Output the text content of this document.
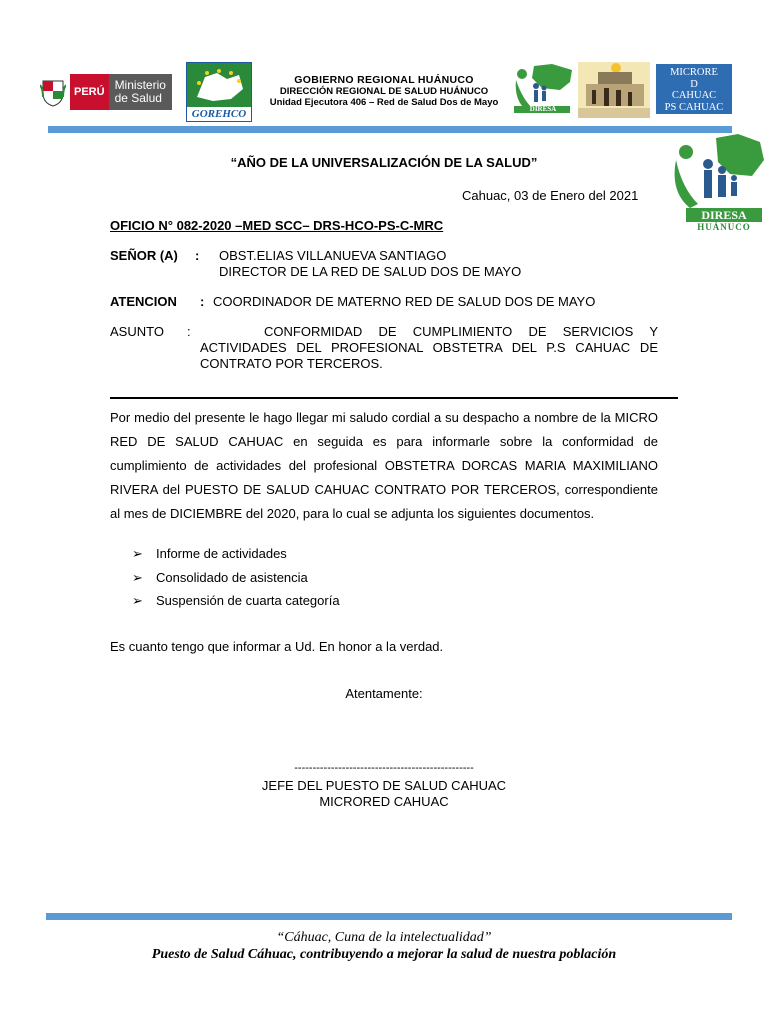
PERÚ Ministerio
de Salud
GOREHCO
GOBIERNO REGIONAL HUÁNUCO
DIRECCIÓN REGIONAL DE SALUD HUÁNUCO
Unidad Ejecutora 406 – Red de Salud Dos de Mayo
DIRESA
MICRORE
D
CAHUAC
PS CAHUAC
DIRESA
HUÁNUCO
“AÑO DE LA UNIVERSALIZACIÓN DE LA SALUD”
Cahuac, 03 de Enero del 2021
OFICIO N° 082-2020 –MED SCC– DRS-HCO-PS-C-MRC
SEÑOR (A) : OBST.ELIAS VILLANUEVA SANTIAGO
DIRECTOR DE LA RED DE SALUD DOS DE MAYO
ATENCION : COORDINADOR DE MATERNO RED DE SALUD DOS DE MAYO
ASUNTO :	CONFORMIDAD DE CUMPLIMIENTO DE SERVICIOS Y ACTIVIDADES DEL PROFESIONAL OBSTETRA DEL P.S CAHUAC DE CONTRATO POR TERCEROS.
Por medio del presente le hago llegar mi saludo cordial a su despacho a nombre de la MICRO RED DE SALUD CAHUAC en seguida es para informarle sobre la conformidad de cumplimiento de actividades del profesional OBSTETRA DORCAS MARIA MAXIMILIANO RIVERA del PUESTO DE SALUD CAHUAC CONTRATO POR TERCEROS, correspondiente al mes de DICIEMBRE del 2020, para lo cual se adjunta los siguientes documentos.
➢ Informe de actividades
➢ Consolidado de asistencia
➢ Suspensión de cuarta categoría
Es cuanto tengo que informar a Ud. En honor a la verdad.
Atentamente:
-------------------------------------------------
JEFE DEL PUESTO DE SALUD CAHUAC
MICRORED CAHUAC
“Cáhuac, Cuna de la intelectualidad”
Puesto de Salud Cáhuac, contribuyendo a mejorar la salud de nuestra población
